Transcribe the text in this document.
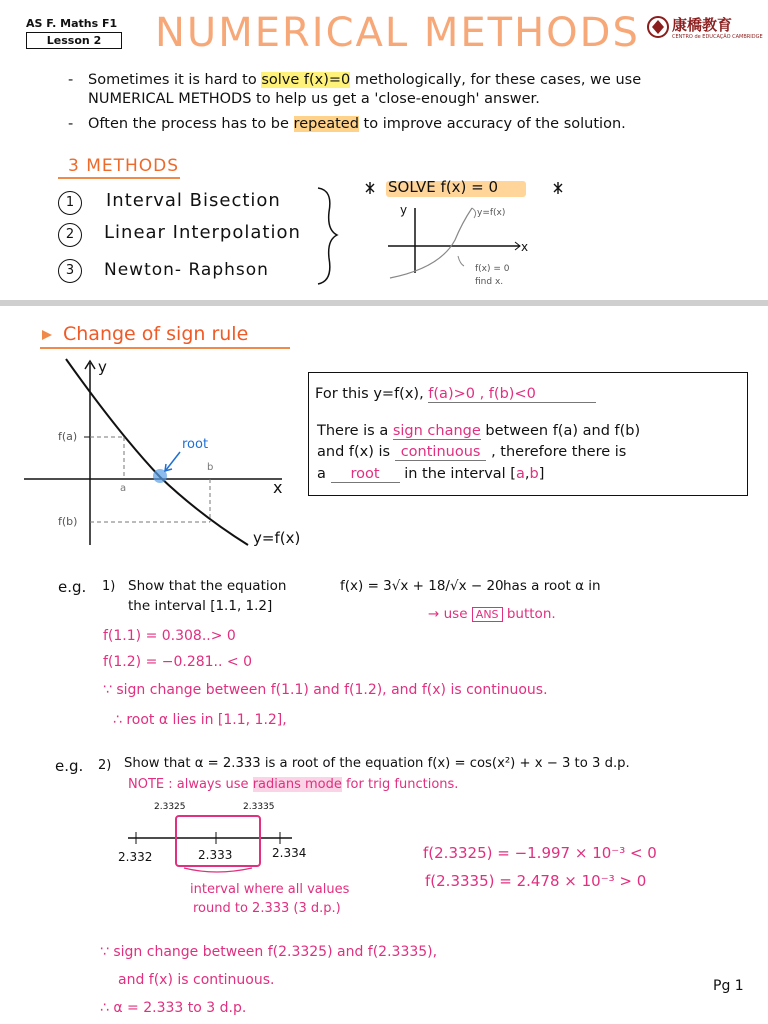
AS F. Maths F1
Lesson 2	NUMERICAL METHODS 康橋教育
CENTRO de EDUCAÇÃO CAMBRIDGE
- Sometimes it is hard to solve f(x)=0 methologically, for these cases, we use
NUMERICAL METHODS to help us get a 'close-enough' answer.
- Often the process has to be repeated to improve accuracy of the solution.
3 METHODS
1	Interval Bisection
2	Linear Interpolation
3	Newton- Raphson
SOLVE f(x) = 0
y
x
y=f(x)
f(x) = 0
find x.
Change of sign rule
y
x
f(a)
f(b)
a
b
root
y=f(x)
For this y=f(x), f(a)>0 , f(b)<0
There is a sign change between f(a) and f(b)
and f(x) is continuous , therefore there is
a root in the interval [a,b]
e.g. 1) Show that the equation	f(x) = 3√x + 18/√x − 20 has a root α in
the interval [1.1, 1.2]	→ use ANS button.
f(1.1) = 0.308..> 0
f(1.2) = −0.281.. < 0
∵ sign change between f(1.1) and f(1.2), and f(x) is continuous.
∴ root α lies in [1.1, 1.2],
e.g. 2) Show that α = 2.333 is a root of the equation f(x) = cos(x²) + x − 3 to 3 d.p.
NOTE : always use radians mode for trig functions.
2.3325	2.3335
2.332	2.333	2.334
interval where all values
round to 2.333 (3 d.p.)
f(2.3325) = −1.997 × 10⁻³ < 0
f(2.3335) = 2.478 × 10⁻³ > 0
∵ sign change between f(2.3325) and f(2.3335),
and f(x) is continuous.
∴ α = 2.333 to 3 d.p.
Pg 1
